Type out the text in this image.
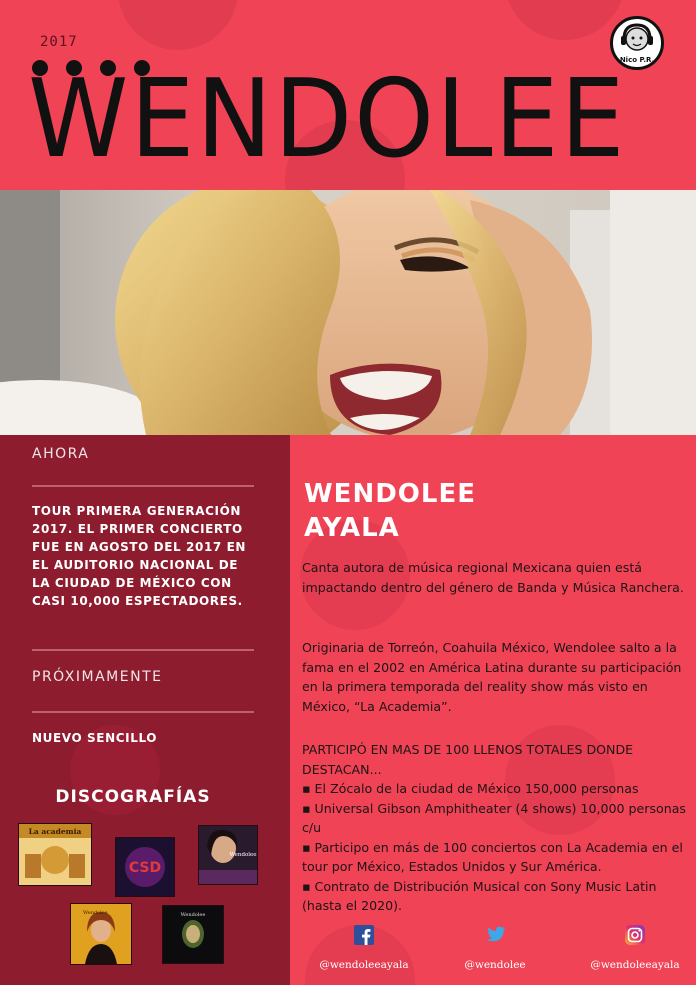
2017
WENDOLEE
Nico P.R.
AHORA
TOUR PRIMERA GENERACIÓN 2017. EL PRIMER CONCIERTO FUE EN AGOSTO DEL 2017 EN EL AUDITORIO NACIONAL DE LA CIUDAD DE MÉXICO CON CASI 10,000 ESPECTADORES.
PRÓXIMAMENTE
NUEVO SENCILLO
DISCOGRAFÍAS
La academia
CSD
Wendolee
Wendolee	Wendolee
WENDOLEE
AYALA
Canta autora de música regional Mexicana quien está impactando dentro del género de Banda y Música Ranchera.
Originaria de Torreón, Coahuila México, Wendolee salto a la fama en el 2002 en América Latina durante su participación en la primera temporada del reality show más visto en México, “La Academia”.
PARTICIPÓ EN MAS DE 100 LLENOS TOTALES DONDE DESTACAN...
▪ El Zócalo de la ciudad de México 150,000 personas
▪ Universal Gibson Amphitheater (4 shows) 10,000 personas c/u
▪ Participo en más de 100 conciertos con La Academia en el tour por México, Estados Unidos y Sur América.
▪ Contrato de Distribución Musical con Sony Music Latin (hasta el 2020).
@wendoleeayala	@wendolee	@wendoleeayala
